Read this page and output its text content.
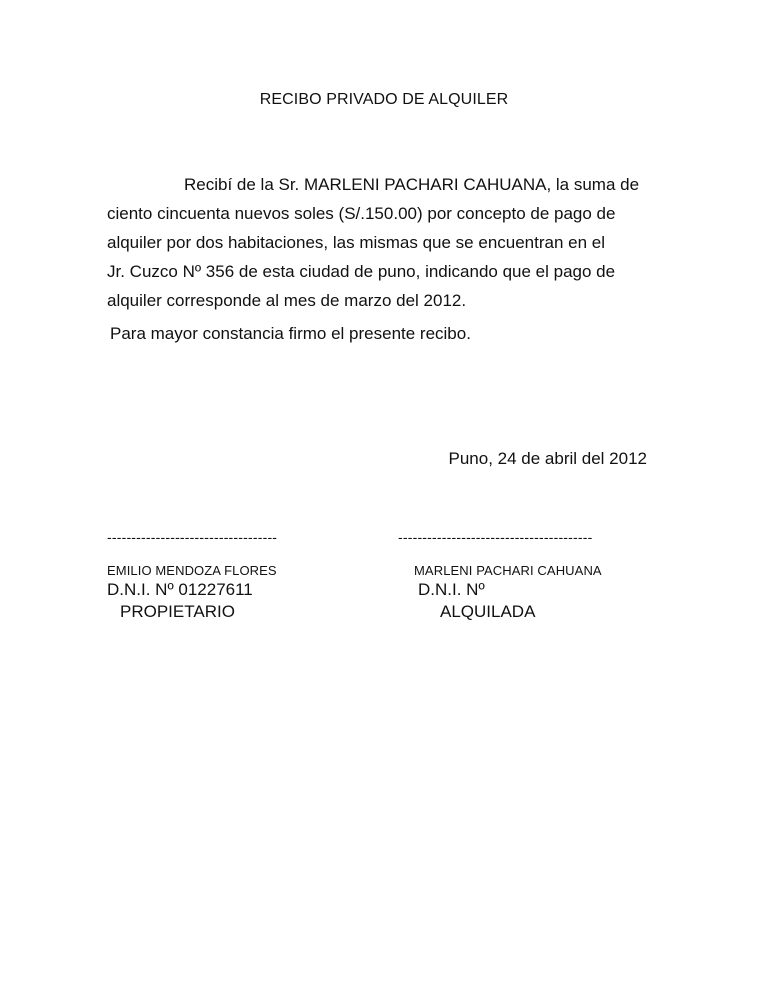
RECIBO PRIVADO DE ALQUILER

Recibí de la Sr. MARLENI PACHARI CAHUANA, la suma de

ciento cincuenta nuevos soles (S/.150.00) por concepto de pago de

alquiler por dos habitaciones, las mismas que se encuentran en el

Jr. Cuzco Nº 356 de esta ciudad de puno, indicando que el pago de

alquiler corresponde al mes de marzo del 2012.

Para mayor constancia firmo el presente recibo.
Puno, 24 de abril del 2012
-----------------------------------
EMILIO MENDOZA FLORES
D.N.I. Nº 01227611
PROPIETARIO
----------------------------------------
MARLENI PACHARI CAHUANA
D.N.I. Nº
ALQUILADA
